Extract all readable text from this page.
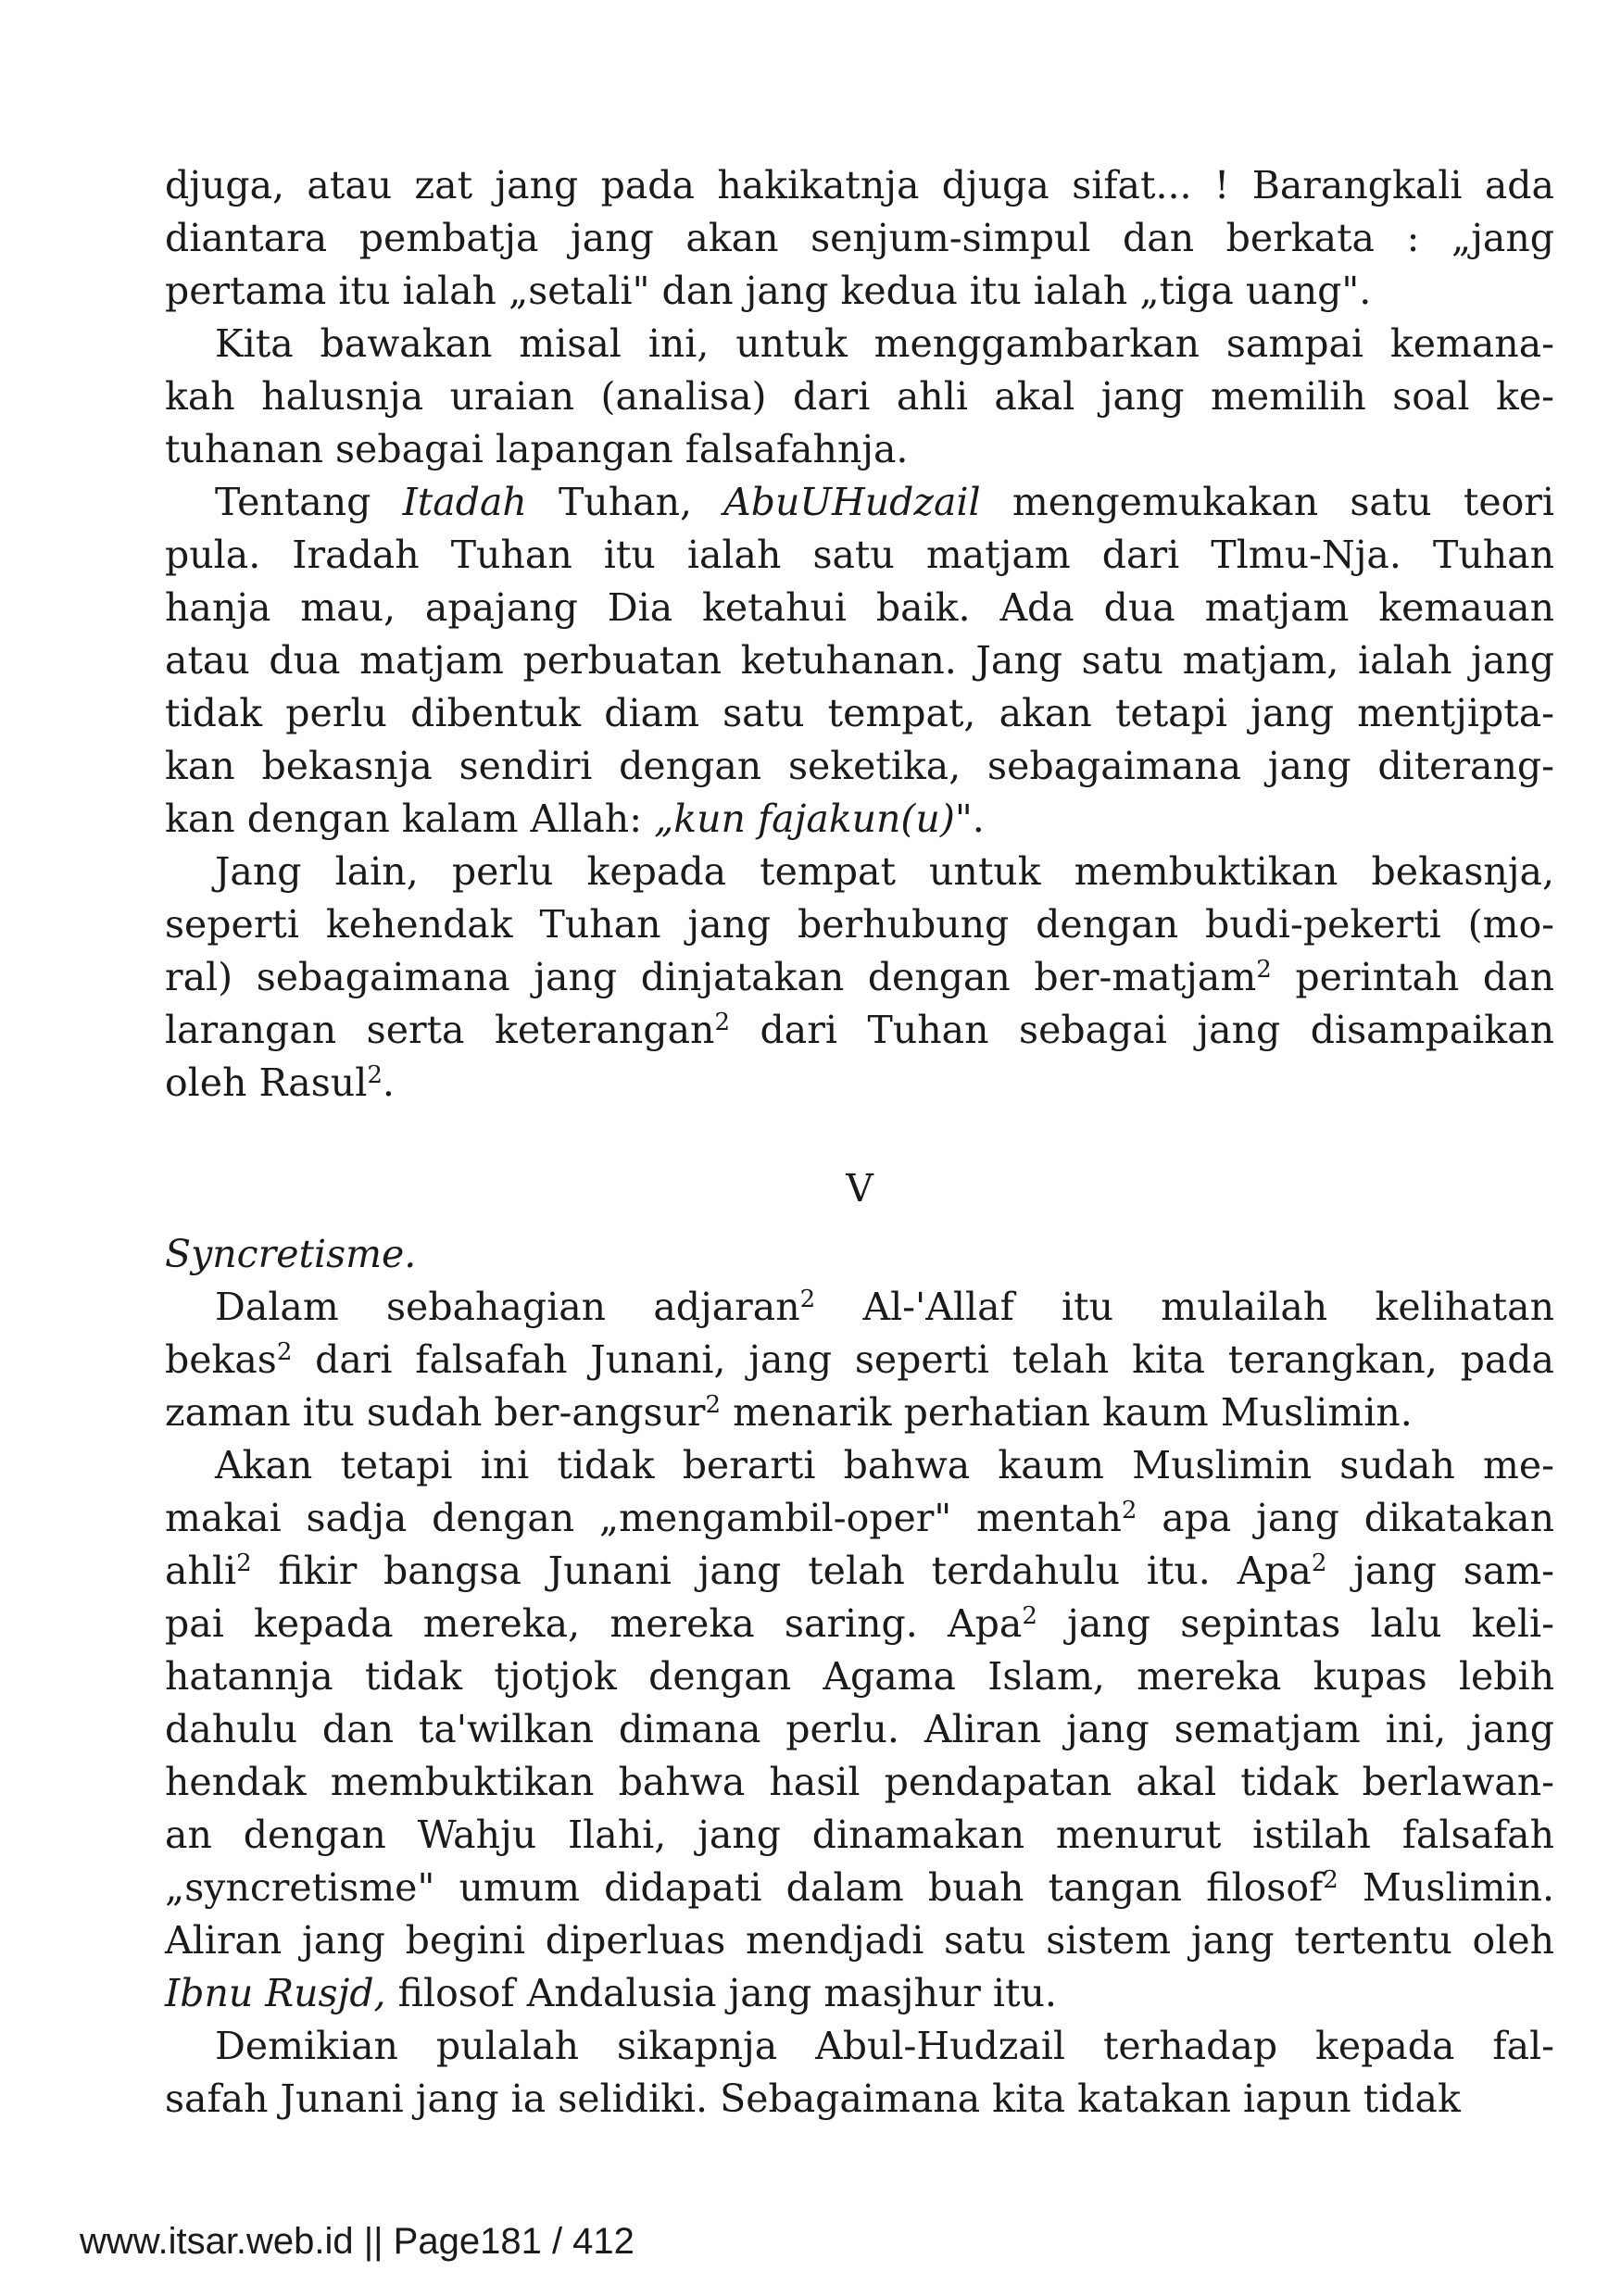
djuga, atau zat jang pada hakikatnja djuga sifat... ! Barangkali ada
diantara pembatja jang akan senjum-simpul dan berkata : „jang
pertama itu ialah „setali" dan jang kedua itu ialah „tiga uang".
Kita bawakan misal ini, untuk menggambarkan sampai kemana-
kah halusnja uraian (analisa) dari ahli akal jang memilih soal ke-
tuhanan sebagai lapangan falsafahnja.
Tentang Itadah Tuhan, AbuUHudzail mengemukakan satu teori
pula. Iradah Tuhan itu ialah satu matjam dari Tlmu-Nja. Tuhan
hanja mau, apajang Dia ketahui baik. Ada dua matjam kemauan
atau dua matjam perbuatan ketuhanan. Jang satu matjam, ialah jang
tidak perlu dibentuk diam satu tempat, akan tetapi jang mentjipta-
kan bekasnja sendiri dengan seketika, sebagaimana jang diterang-
kan dengan kalam Allah: „kun fajakun(u)".
Jang lain, perlu kepada tempat untuk membuktikan bekasnja,
seperti kehendak Tuhan jang berhubung dengan budi-pekerti (mo-
ral) sebagaimana jang dinjatakan dengan ber-matjam$^2$ perintah dan
larangan serta keterangan$^2$ dari Tuhan sebagai jang disampaikan
oleh Rasul$^2$.
V
Syncretisme.
Dalam sebahagian adjaran$^2$ Al-'Allaf itu mulailah kelihatan
bekas$^2$ dari falsafah Junani, jang seperti telah kita terangkan, pada
zaman itu sudah ber-angsur$^2$ menarik perhatian kaum Muslimin.
Akan tetapi ini tidak berarti bahwa kaum Muslimin sudah me-
makai sadja dengan „mengambil-oper" mentah$^2$ apa jang dikatakan
ahli$^2$ fikir bangsa Junani jang telah terdahulu itu. Apa$^2$ jang sam-
pai kepada mereka, mereka saring. Apa$^2$ jang sepintas lalu keli-
hatannja tidak tjotjok dengan Agama Islam, mereka kupas lebih
dahulu dan ta'wilkan dimana perlu. Aliran jang sematjam ini, jang
hendak membuktikan bahwa hasil pendapatan akal tidak berlawan-
an dengan Wahju Ilahi, jang dinamakan menurut istilah falsafah
„syncretisme" umum didapati dalam buah tangan filosof$^2$ Muslimin.
Aliran jang begini diperluas mendjadi satu sistem jang tertentu oleh
Ibnu Rusjd, filosof Andalusia jang masjhur itu.
Demikian pulalah sikapnja Abul-Hudzail terhadap kepada fal-
safah Junani jang ia selidiki. Sebagaimana kita katakan iapun tidak
www.itsar.web.id || Page181 / 412
